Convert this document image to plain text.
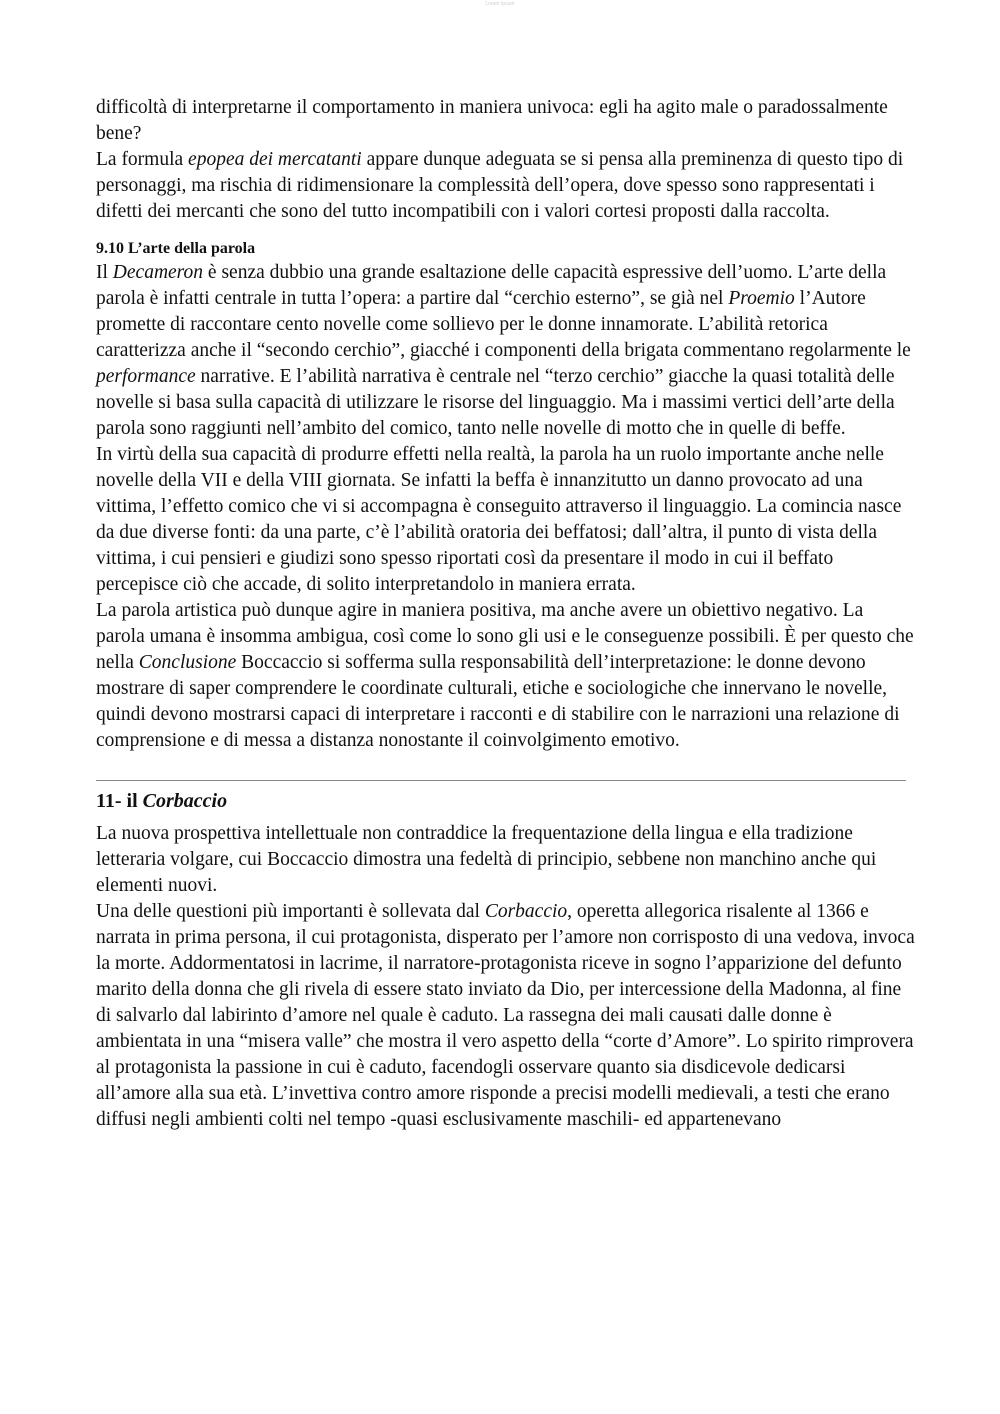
Lorem Ipsum

difficoltà di interpretarne il comportamento in maniera univoca: egli ha agito male o paradossalmente bene?

La formula epopea dei mercatanti appare dunque adeguata se si pensa alla preminenza di questo tipo di personaggi, ma rischia di ridimensionare la complessità dell’opera, dove spesso sono rappresentati i difetti dei mercanti che sono del tutto incompatibili con i valori cortesi proposti dalla raccolta.

9.10 L’arte della parola

Il Decameron è senza dubbio una grande esaltazione delle capacità espressive dell’uomo. L’arte della parola è infatti centrale in tutta l’opera: a partire dal “cerchio esterno”, se già nel Proemio l’Autore promette di raccontare cento novelle come sollievo per le donne innamorate. L’abilità retorica caratterizza anche il “secondo cerchio”, giacché i componenti della brigata commentano regolarmente le performance narrative. E l’abilità narrativa è centrale nel “terzo cerchio” giacche la quasi totalità delle novelle si basa sulla capacità di utilizzare le risorse del linguaggio. Ma i massimi vertici dell’arte della parola sono raggiunti nell’ambito del comico, tanto nelle novelle di motto che in quelle di beffe.

In virtù della sua capacità di produrre effetti nella realtà, la parola ha un ruolo importante anche nelle novelle della VII e della VIII giornata. Se infatti la beffa è innanzitutto un danno provocato ad una vittima, l’effetto comico che vi si accompagna è conseguito attraverso il linguaggio. La comincia nasce da due diverse fonti: da una parte, c’è l’abilità oratoria dei beffatosi; dall’altra, il punto di vista della vittima, i cui pensieri e giudizi sono spesso riportati così da presentare il modo in cui il beffato percepisce ciò che accade, di solito interpretandolo in maniera errata.

La parola artistica può dunque agire in maniera positiva, ma anche avere un obiettivo negativo. La parola umana è insomma ambigua, così come lo sono gli usi e le conseguenze possibili. È per questo che nella Conclusione Boccaccio si sofferma sulla responsabilità dell’interpretazione: le donne devono mostrare di saper comprendere le coordinate culturali, etiche e sociologiche che innervano le novelle, quindi devono mostrarsi capaci di interpretare i racconti e di stabilire con le narrazioni una relazione di comprensione e di messa a distanza nonostante il coinvolgimento emotivo.

11- il Corbaccio

La nuova prospettiva intellettuale non contraddice la frequentazione della lingua e ella tradizione letteraria volgare, cui Boccaccio dimostra una fedeltà di principio, sebbene non manchino anche qui elementi nuovi.

Una delle questioni più importanti è sollevata dal Corbaccio, operetta allegorica risalente al 1366 e narrata in prima persona, il cui protagonista, disperato per l’amore non corrisposto di una vedova, invoca la morte. Addormentatosi in lacrime, il narratore-protagonista riceve in sogno l’apparizione del defunto marito della donna che gli rivela di essere stato inviato da Dio, per intercessione della Madonna, al fine di salvarlo dal labirinto d’amore nel quale è caduto. La rassegna dei mali causati dalle donne è ambientata in una “misera valle” che mostra il vero aspetto della “corte d’Amore”. Lo spirito rimprovera al protagonista la passione in cui è caduto, facendogli osservare quanto sia disdicevole dedicarsi all’amore alla sua età. L’invettiva contro amore risponde a precisi modelli medievali, a testi che erano diffusi negli ambienti colti nel tempo -quasi esclusivamente maschili- ed appartenevano
